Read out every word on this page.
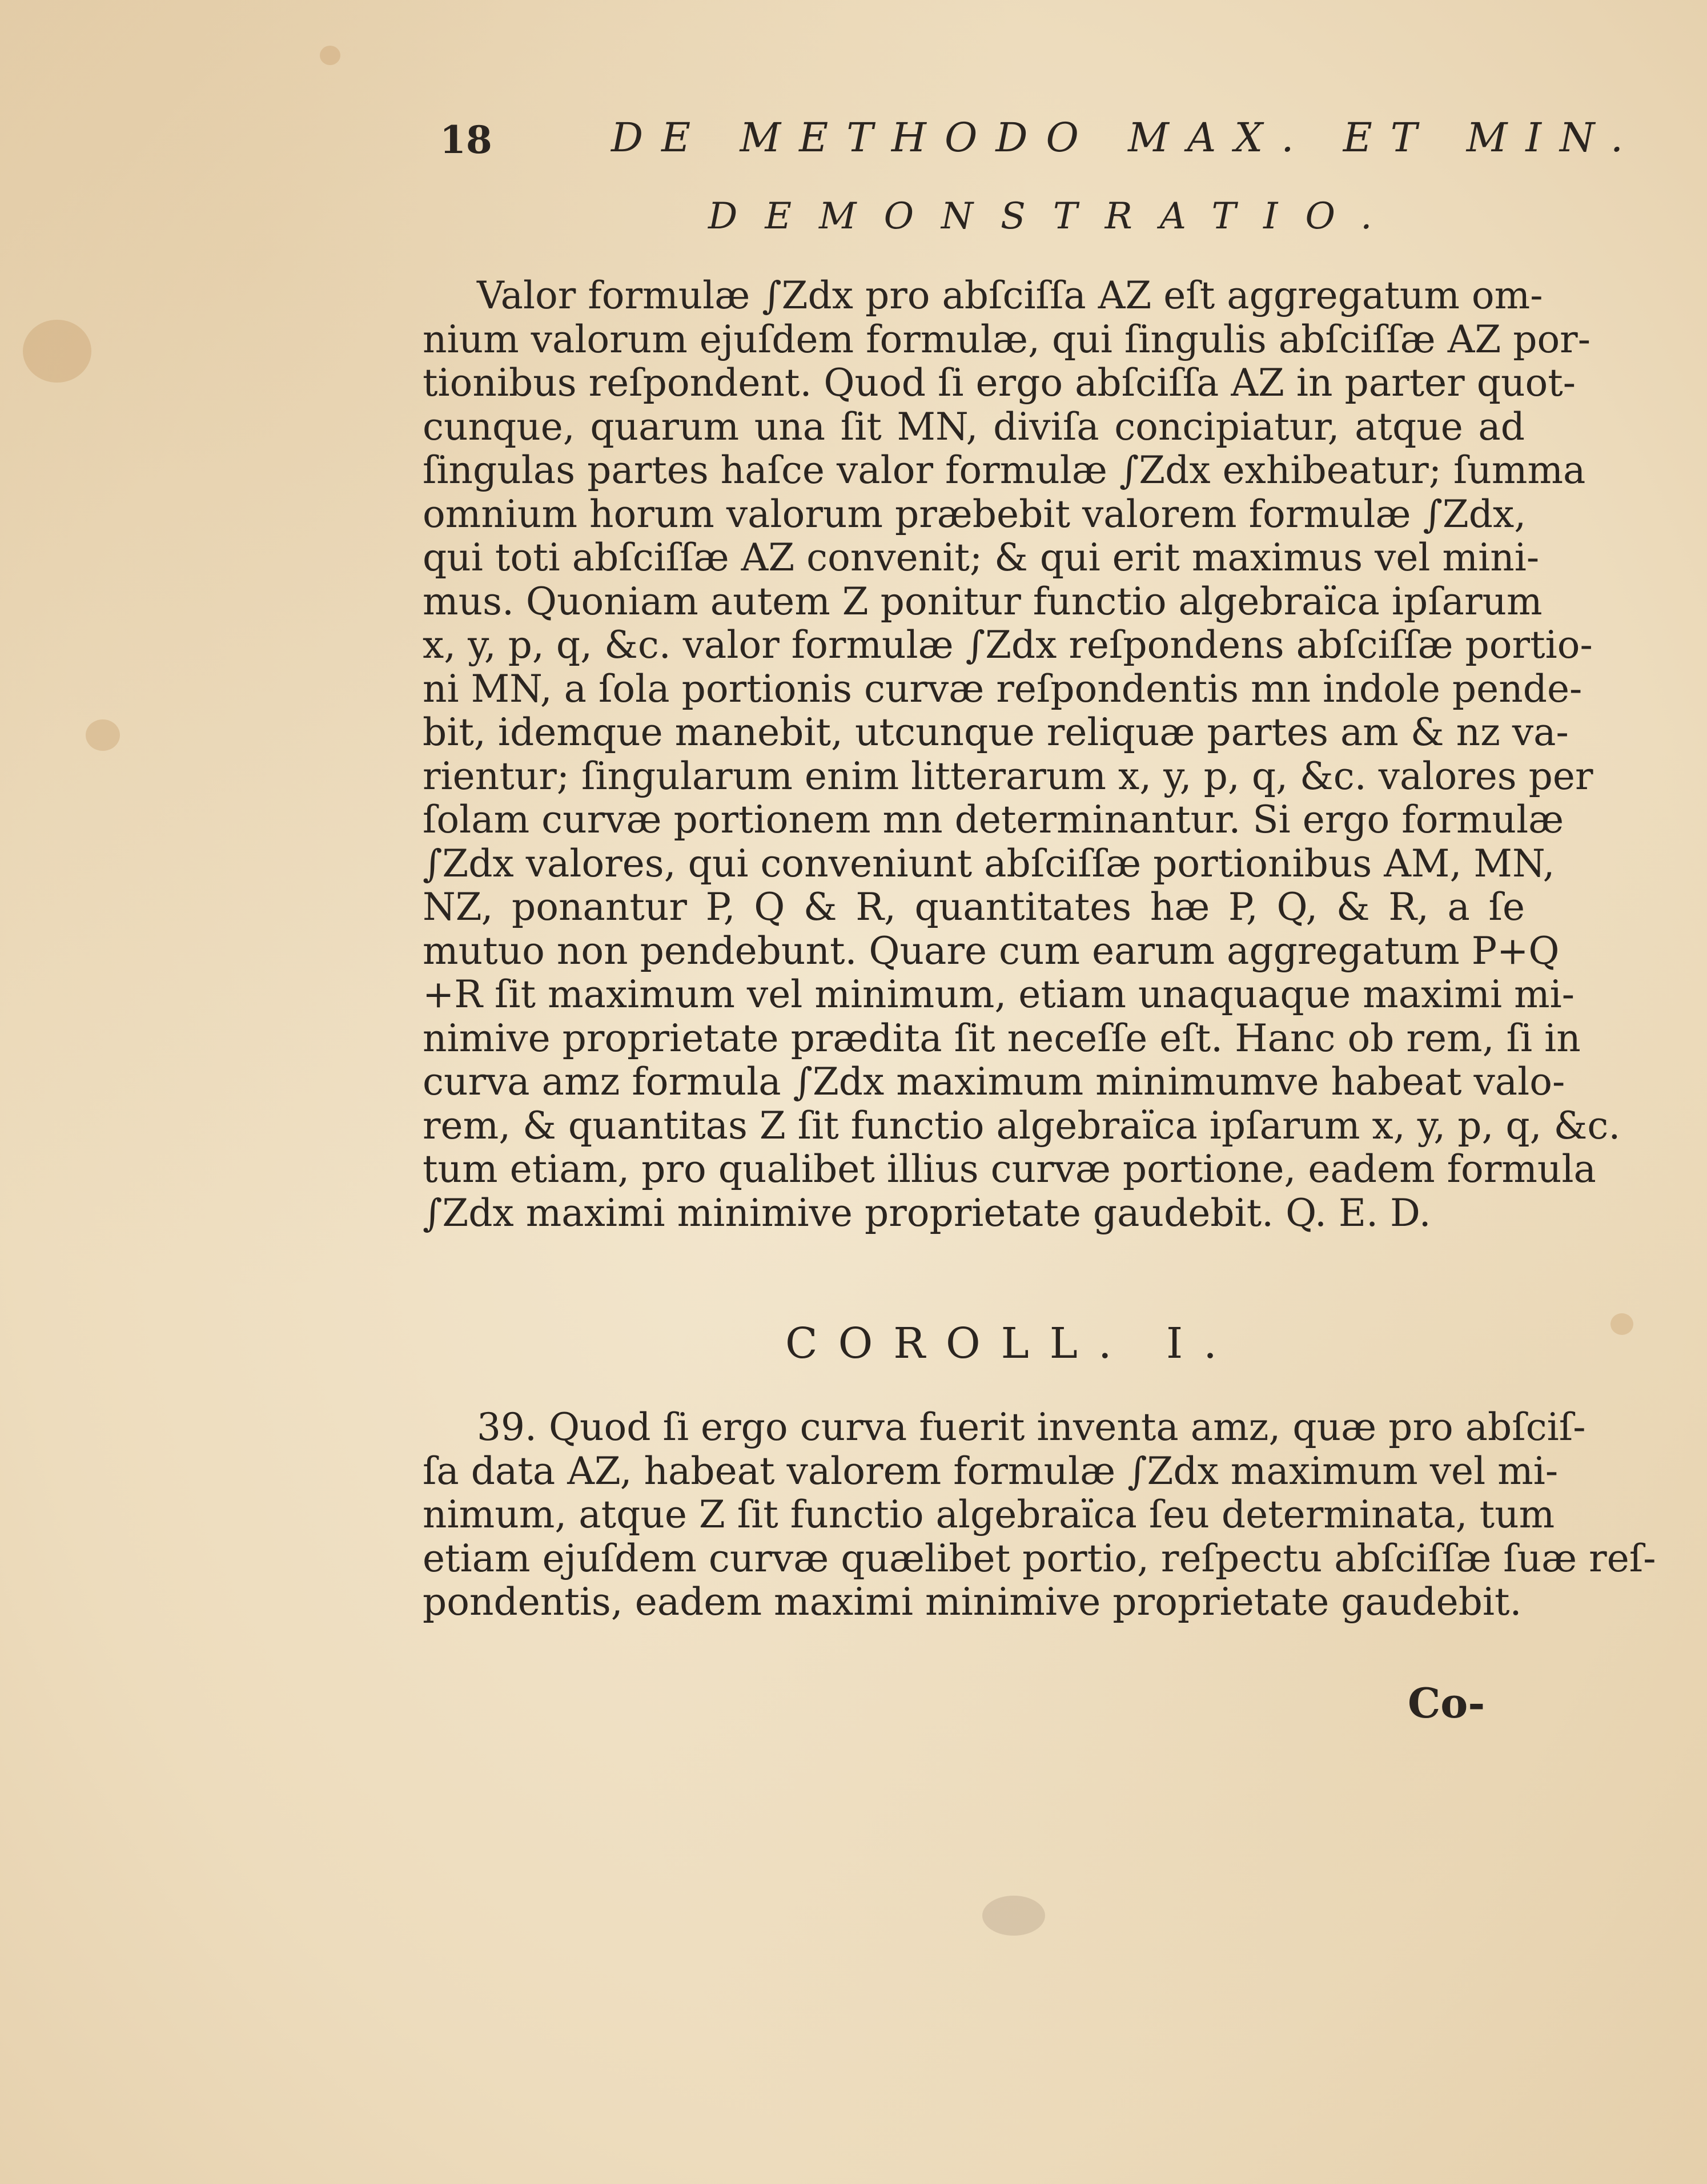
18	DE METHODO MAX. ET MIN.
DEMONSTRATIO.
Valor formulæ ∫Zdx pro abſciſſa AZ eſt aggregatum om-
nium valorum ejuſdem formulæ, qui ſingulis abſciſſæ AZ por-
tionibus reſpondent. Quod ſi ergo abſciſſa AZ in parter quot-
cunque, quarum una ſit MN, diviſa concipiatur, atque ad
ſingulas partes haſce valor formulæ ∫Zdx exhibeatur; ſumma
omnium horum valorum præbebit valorem formulæ ∫Zdx,
qui toti abſciſſæ AZ convenit; & qui erit maximus vel mini-
mus. Quoniam autem Z ponitur functio algebraïca ipſarum
x, y, p, q, &c. valor formulæ ∫Zdx reſpondens abſciſſæ portio-
ni MN, a ſola portionis curvæ reſpondentis mn indole pende-
bit, idemque manebit, utcunque reliquæ partes am & nz va-
rientur; ſingularum enim litterarum x, y, p, q, &c. valores per
ſolam curvæ portionem mn determinantur. Si ergo formulæ
∫Zdx valores, qui conveniunt abſciſſæ portionibus AM, MN,
NZ, ponantur P, Q & R, quantitates hæ P, Q, & R, a ſe
mutuo non pendebunt. Quare cum earum aggregatum P+Q
+R ſit maximum vel minimum, etiam unaquaque maximi mi-
nimive proprietate prædita ſit neceſſe eſt. Hanc ob rem, ſi in
curva amz formula ∫Zdx maximum minimumve habeat valo-
rem, & quantitas Z ſit functio algebraïca ipſarum x, y, p, q, &c.
tum etiam, pro qualibet illius curvæ portione, eadem formula
∫Zdx maximi minimive proprietate gaudebit. Q. E. D.
COROLL. I.
39. Quod ſi ergo curva fuerit inventa amz, quæ pro abſciſ-
ſa data AZ, habeat valorem formulæ ∫Zdx maximum vel mi-
nimum, atque Z ſit functio algebraïca ſeu determinata, tum
etiam ejuſdem curvæ quælibet portio, reſpectu abſciſſæ ſuæ reſ-
pondentis, eadem maximi minimive proprietate gaudebit.
Co-
